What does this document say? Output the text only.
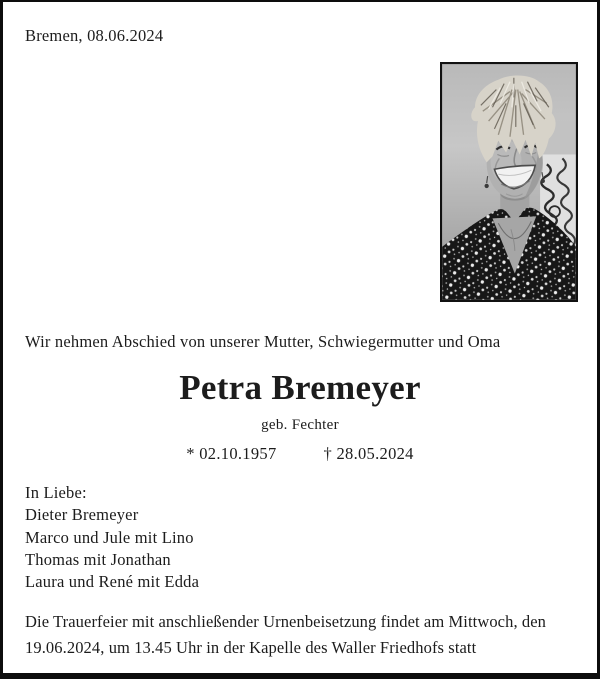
Bremen, 08.06.2024
Wir nehmen Abschied von unserer Mutter, Schwiegermutter und Oma
Petra Bremeyer
geb. Fechter
* 02.10.1957	† 28.05.2024
In Liebe:
Dieter Bremeyer
Marco und Jule mit Lino
Thomas mit Jonathan
Laura und René mit Edda

Die Trauerfeier mit anschließender Urnenbeisetzung findet am Mittwoch, den 19.06.2024, um 13.45 Uhr in der Kapelle des Waller Friedhofs statt
